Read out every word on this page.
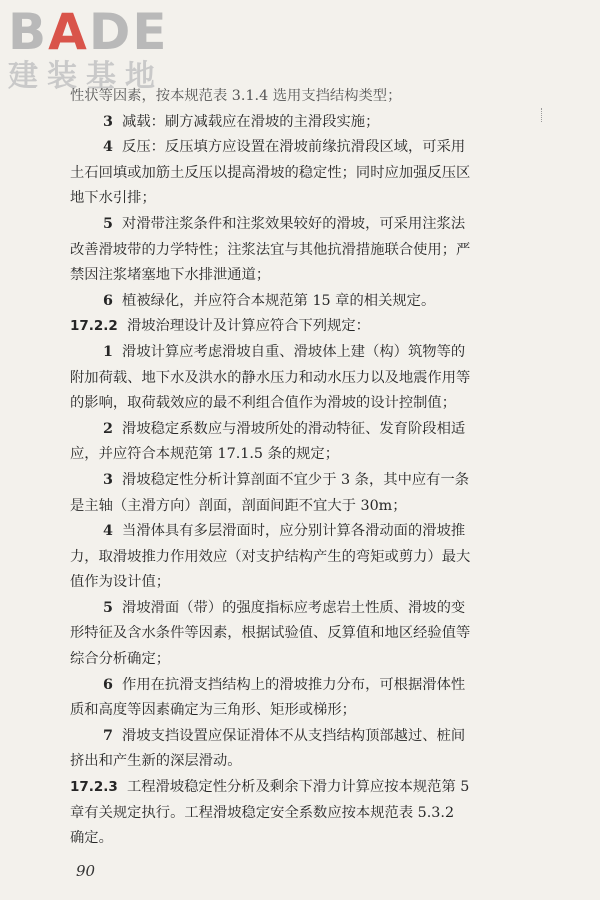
BADE
建装基地
性状等因素，按本规范表 3.1.4 选用支挡结构类型；
3 减载：刷方减载应在滑坡的主滑段实施；
4 反压：反压填方应设置在滑坡前缘抗滑段区域，可采用
土石回填或加筋土反压以提高滑坡的稳定性；同时应加强反压区
地下水引排；
5 对滑带注浆条件和注浆效果较好的滑坡，可采用注浆法
改善滑坡带的力学特性；注浆法宜与其他抗滑措施联合使用；严
禁因注浆堵塞地下水排泄通道；
6 植被绿化，并应符合本规范第 15 章的相关规定。
17.2.2 滑坡治理设计及计算应符合下列规定：
1 滑坡计算应考虑滑坡自重、滑坡体上建（构）筑物等的
附加荷载、地下水及洪水的静水压力和动水压力以及地震作用等
的影响，取荷载效应的最不利组合值作为滑坡的设计控制值；
2 滑坡稳定系数应与滑坡所处的滑动特征、发育阶段相适
应，并应符合本规范第 17.1.5 条的规定；
3 滑坡稳定性分析计算剖面不宜少于 3 条，其中应有一条
是主轴（主滑方向）剖面，剖面间距不宜大于 30m；
4 当滑体具有多层滑面时，应分别计算各滑动面的滑坡推
力，取滑坡推力作用效应（对支护结构产生的弯矩或剪力）最大
值作为设计值；
5 滑坡滑面（带）的强度指标应考虑岩土性质、滑坡的变
形特征及含水条件等因素，根据试验值、反算值和地区经验值等
综合分析确定；
6 作用在抗滑支挡结构上的滑坡推力分布，可根据滑体性
质和高度等因素确定为三角形、矩形或梯形；
7 滑坡支挡设置应保证滑体不从支挡结构顶部越过、桩间
挤出和产生新的深层滑动。
17.2.3 工程滑坡稳定性分析及剩余下滑力计算应按本规范第 5
章有关规定执行。工程滑坡稳定安全系数应按本规范表 5.3.2
确定。
90
